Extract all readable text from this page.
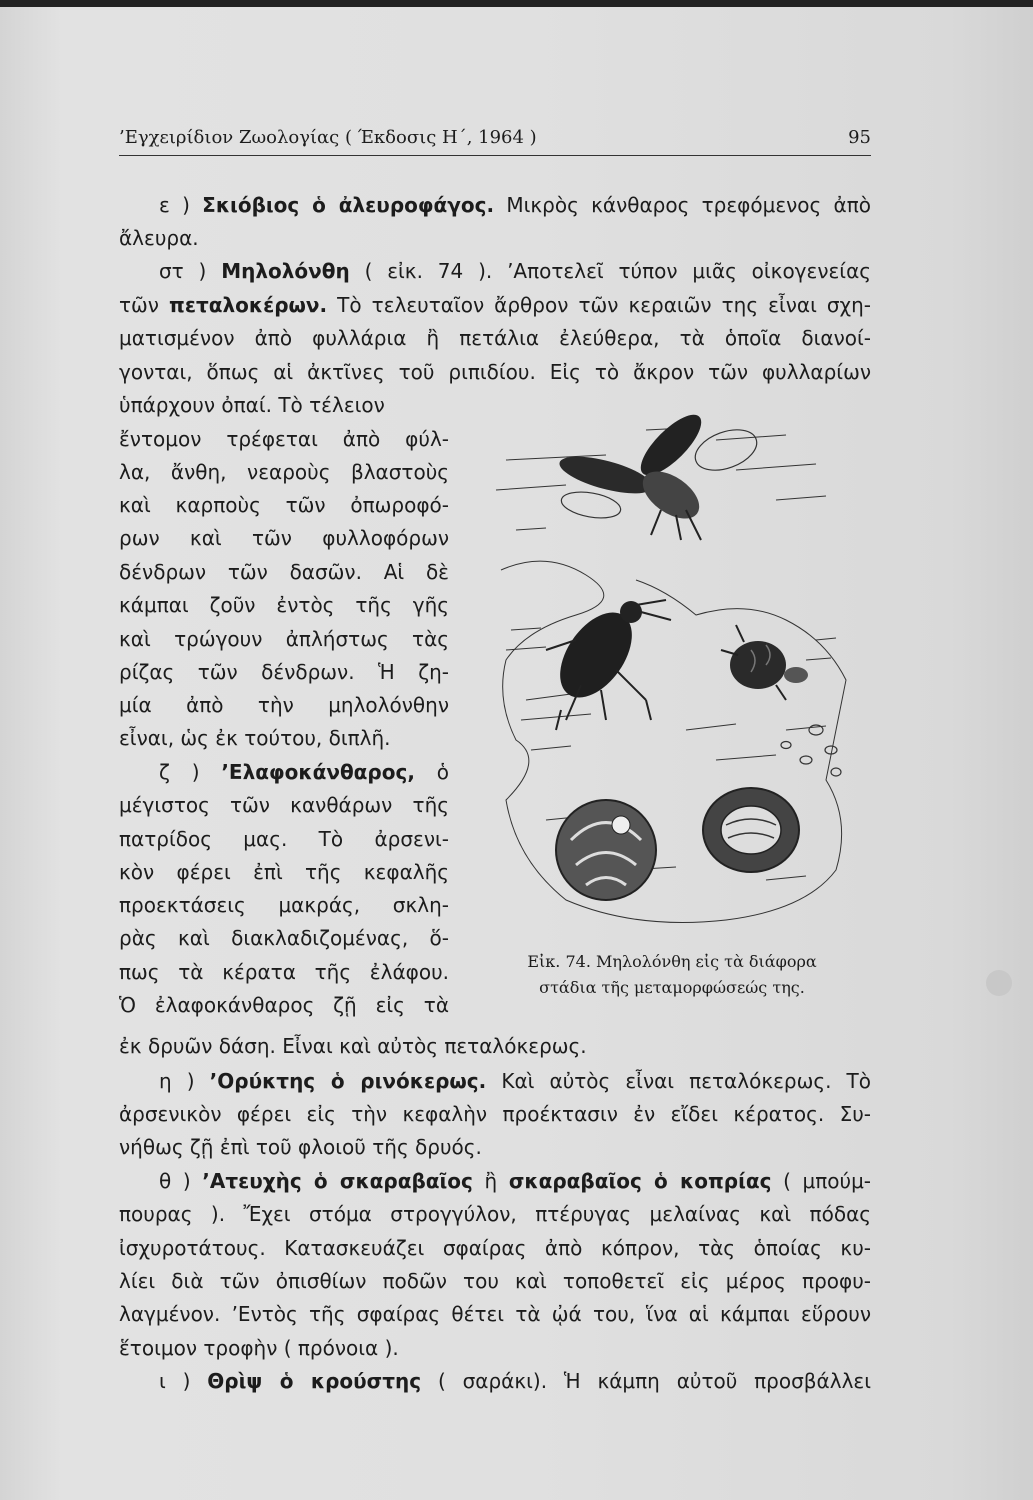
’Εγχειρίδιον Ζωολογίας ( Έκδοσις Η΄, 1964 )	95
ε ) Σκιόβιος ὁ ἀλευροφάγος. Μικρὸς κάνθαρος τρεφόμενος ἀπὸ
ἄλευρα.
στ ) Μηλολόνθη ( εἰκ. 74 ). ’Αποτελεῖ τύπον μιᾶς οἰκογενείας
τῶν πεταλοκέρων. Τὸ τελευταῖον ἄρθρον τῶν κεραιῶν της εἶναι σχη-
ματισμένον ἀπὸ φυλλάρια ἢ πετάλια ἐλεύθερα, τὰ ὁποῖα διανοί-
γονται, ὅπως αἱ ἀκτῖνες τοῦ ριπιδίου. Εἰς τὸ ἄκρον τῶν φυλλαρίων
ὑπάρχουν ὀπαί. Τὸ τέλειον
ἔντομον τρέφεται ἀπὸ φύλ-
λα, ἄνθη, νεαροὺς βλαστοὺς
καὶ καρποὺς τῶν ὀπωροφό-
ρων καὶ τῶν φυλλοφόρων
δένδρων τῶν δασῶν. Αἱ δὲ
κάμπαι ζοῦν ἐντὸς τῆς γῆς
καὶ τρώγουν ἀπλήστως τὰς
ρίζας τῶν δένδρων. Ἡ ζη-
μία ἀπὸ τὴν μηλολόνθην
εἶναι, ὡς ἐκ τούτου, διπλῆ.
ζ ) ’Ελαφοκάνθαρος, ὁ
μέγιστος τῶν κανθάρων τῆς
πατρίδος μας. Τὸ ἀρσενι-
κὸν φέρει ἐπὶ τῆς κεφαλῆς
προεκτάσεις μακράς, σκλη-
ρὰς καὶ διακλαδιζομένας, ὅ-
πως τὰ κέρατα τῆς ἐλάφου.
Ὁ ἐλαφοκάνθαρος ζῇ εἰς τὰ
ἐκ δρυῶν δάση. Εἶναι καὶ αὐτὸς πεταλόκερως.
η ) ’Ορύκτης ὁ ρινόκερως. Καὶ αὐτὸς εἶναι πεταλόκερως. Τὸ
ἀρσενικὸν φέρει εἰς τὴν κεφαλὴν προέκτασιν ἐν εἴδει κέρατος. Συ-
νήθως ζῇ ἐπὶ τοῦ φλοιοῦ τῆς δρυός.
θ ) ’Ατευχὴς ὁ σκαραβαῖος ἢ σκαραβαῖος ὁ κοπρίας ( μπούμ-
πουρας ). Ἔχει στόμα στρογγύλον, πτέρυγας μελαίνας καὶ πόδας
ἰσχυροτάτους. Κατασκευάζει σφαίρας ἀπὸ κόπρον, τὰς ὁποίας κυ-
λίει διὰ τῶν ὀπισθίων ποδῶν του καὶ τοποθετεῖ εἰς μέρος προφυ-
λαγμένον. ’Εντὸς τῆς σφαίρας θέτει τὰ ᾠά του, ἵνα αἱ κάμπαι εὕρουν
ἕτοιμον τροφὴν ( πρόνοια ).
ι ) Θρὶψ ὁ κρούστης ( σαράκι). Ἡ κάμπη αὐτοῦ προσβάλλει
Εἰκ. 74. Μηλολόνθη εἰς τὰ διάφορα
στάδια τῆς μεταμορφώσεώς της.
